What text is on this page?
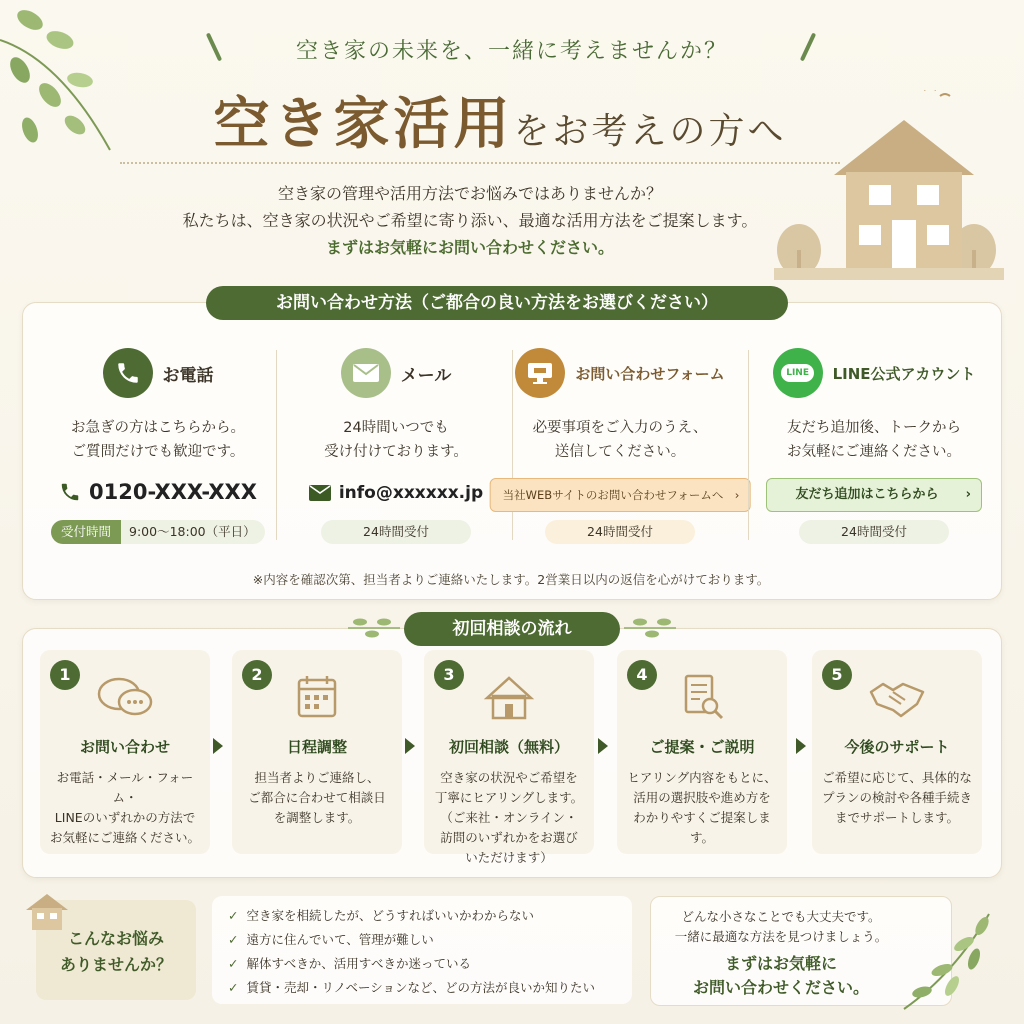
空き家の未来を、一緒に考えませんか？
空き家活用をお考えの方へ
空き家の管理や活用方法でお悩みではありませんか？
私たちは、空き家の状況やご希望に寄り添い、最適な活用方法をご提案します。
まずはお気軽にお問い合わせください。
お問い合わせ方法（ご都合の良い方法をお選びください）
お電話
お急ぎの方はこちらから。
ご質問だけでも歓迎です。
0120-XXX-XXX
受付時間	9:00〜18:00（平日）
メール
24時間いつでも
受け付けております。
info@xxxxxx.jp
24時間受付
お問い合わせフォーム
必要事項をご入力のうえ、
送信してください。
当社WEBサイトのお問い合わせフォームへ ›
24時間受付
LINE	LINE公式アカウント
友だち追加後、トークから
お気軽にご連絡ください。
友だち追加はこちらから ›
24時間受付
※内容を確認次第、担当者よりご連絡いたします。2営業日以内の返信を心がけております。
初回相談の流れ
1
お問い合わせ
お電話・メール・フォーム・
LINEのいずれかの方法で
お気軽にご連絡ください。
2
日程調整
担当者よりご連絡し、
ご都合に合わせて相談日
を調整します。
3
初回相談（無料）
空き家の状況やご希望を
丁寧にヒアリングします。
（ご来社・オンライン・
訪問のいずれかをお選び
いただけます）
4
ご提案・ご説明
ヒアリング内容をもとに、
活用の選択肢や進め方を
わかりやすくご提案します。
5
今後のサポート
ご希望に応じて、具体的な
プランの検討や各種手続き
までサポートします。
こんなお悩み
ありませんか？
✓ 空き家を相続したが、どうすればいいかわからない
✓ 遠方に住んでいて、管理が難しい
✓ 解体すべきか、活用すべきか迷っている
✓ 賃貸・売却・リノベーションなど、どの方法が良いか知りたい
どんな小さなことでも大丈夫です。
一緒に最適な方法を見つけましょう。
まずはお気軽に
お問い合わせください。
